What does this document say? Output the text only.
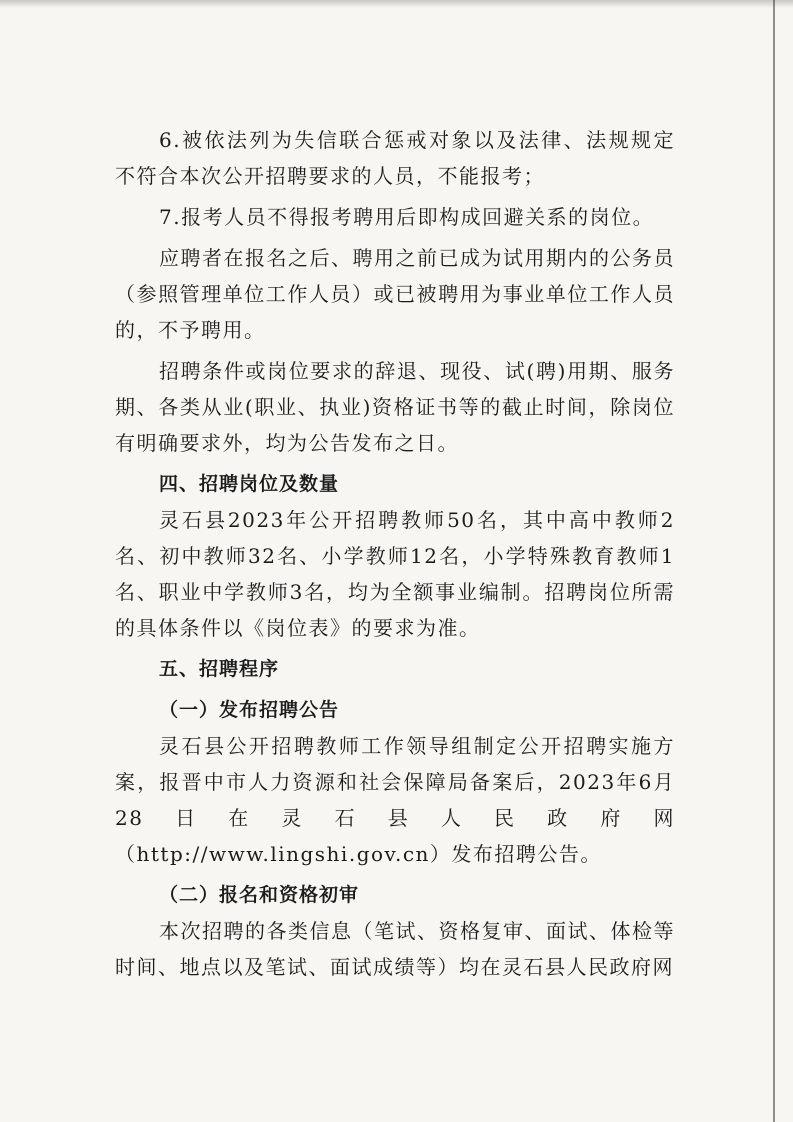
6.被依法列为失信联合惩戒对象以及法律、法规规定不符合本次公开招聘要求的人员，不能报考；

7.报考人员不得报考聘用后即构成回避关系的岗位。

应聘者在报名之后、聘用之前已成为试用期内的公务员（参照管理单位工作人员）或已被聘用为事业单位工作人员的，不予聘用。

招聘条件或岗位要求的辞退、现役、试(聘)用期、服务期、各类从业(职业、执业)资格证书等的截止时间，除岗位有明确要求外，均为公告发布之日。

四、招聘岗位及数量

灵石县2023年公开招聘教师50名，其中高中教师2名、初中教师32名、小学教师12名，小学特殊教育教师1名、职业中学教师3名，均为全额事业编制。招聘岗位所需的具体条件以《岗位表》的要求为准。

五、招聘程序

（一）发布招聘公告

灵石县公开招聘教师工作领导组制定公开招聘实施方案，报晋中市人力资源和社会保障局备案后，2023年6月28日在灵石县人民政府网（http://www.lingshi.gov.cn）发布招聘公告。

（二）报名和资格初审

本次招聘的各类信息（笔试、资格复审、面试、体检等时间、地点以及笔试、面试成绩等）均在灵石县人民政府网
